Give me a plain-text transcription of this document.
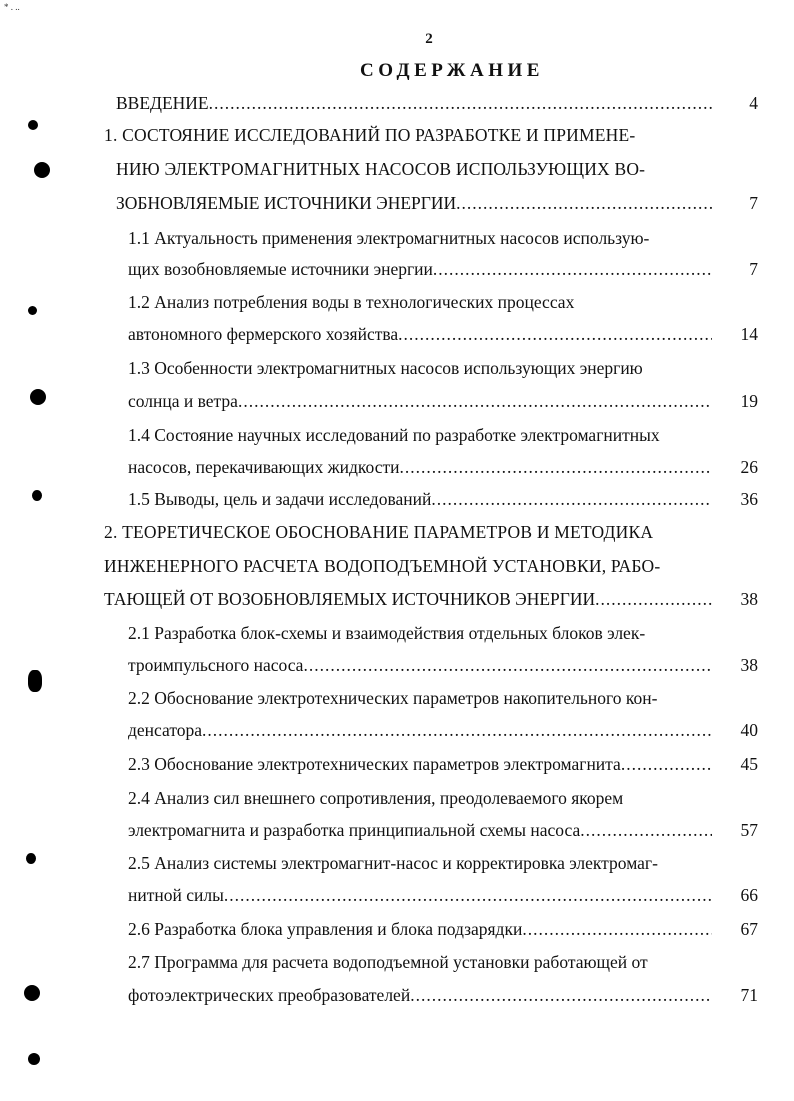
* . ..
2
СОДЕРЖАНИЕ
ВВЕДЕНИЕ .....	4
1. СОСТОЯНИЕ ИССЛЕДОВАНИЙ ПО РАЗРАБОТКЕ И ПРИМЕНЕ-
НИЮ ЭЛЕКТРОМАГНИТНЫХ НАСОСОВ ИСПОЛЬЗУЮЩИХ ВО-
ЗОБНОВЛЯЕМЫЕ ИСТОЧНИКИ ЭНЕРГИИ .....	7
1.1 Актуальность применения электромагнитных насосов использую-
щих возобновляемые источники энергии .....	7
1.2 Анализ потребления воды в технологических процессах
автономного фермерского хозяйства .....	14
1.3 Особенности электромагнитных насосов использующих энергию
солнца и ветра .....	19
1.4 Состояние научных исследований по разработке электромагнитных
насосов, перекачивающих жидкости .....	26
1.5 Выводы, цель и задачи исследований .....	36
2. ТЕОРЕТИЧЕСКОЕ ОБОСНОВАНИЕ ПАРАМЕТРОВ И МЕТОДИКА
ИНЖЕНЕРНОГО РАСЧЕТА ВОДОПОДЪЕМНОЙ УСТАНОВКИ, РАБО-
ТАЮЩЕЙ ОТ ВОЗОБНОВЛЯЕМЫХ ИСТОЧНИКОВ ЭНЕРГИИ .....	38
2.1 Разработка блок-схемы и взаимодействия отдельных блоков элек-
троимпульсного насоса .....	38
2.2 Обоснование электротехнических параметров накопительного кон-
денсатора .....	40
2.3 Обоснование электротехнических параметров электромагнита .....	45
2.4 Анализ сил внешнего сопротивления, преодолеваемого якорем
электромагнита и разработка принципиальной схемы насоса .....	57
2.5 Анализ системы электромагнит-насос и корректировка электромаг-
нитной силы .....	66
2.6 Разработка блока управления и блока подзарядки .....	67
2.7 Программа для расчета водоподъемной установки работающей от
фотоэлектрических преобразователей .....	71
